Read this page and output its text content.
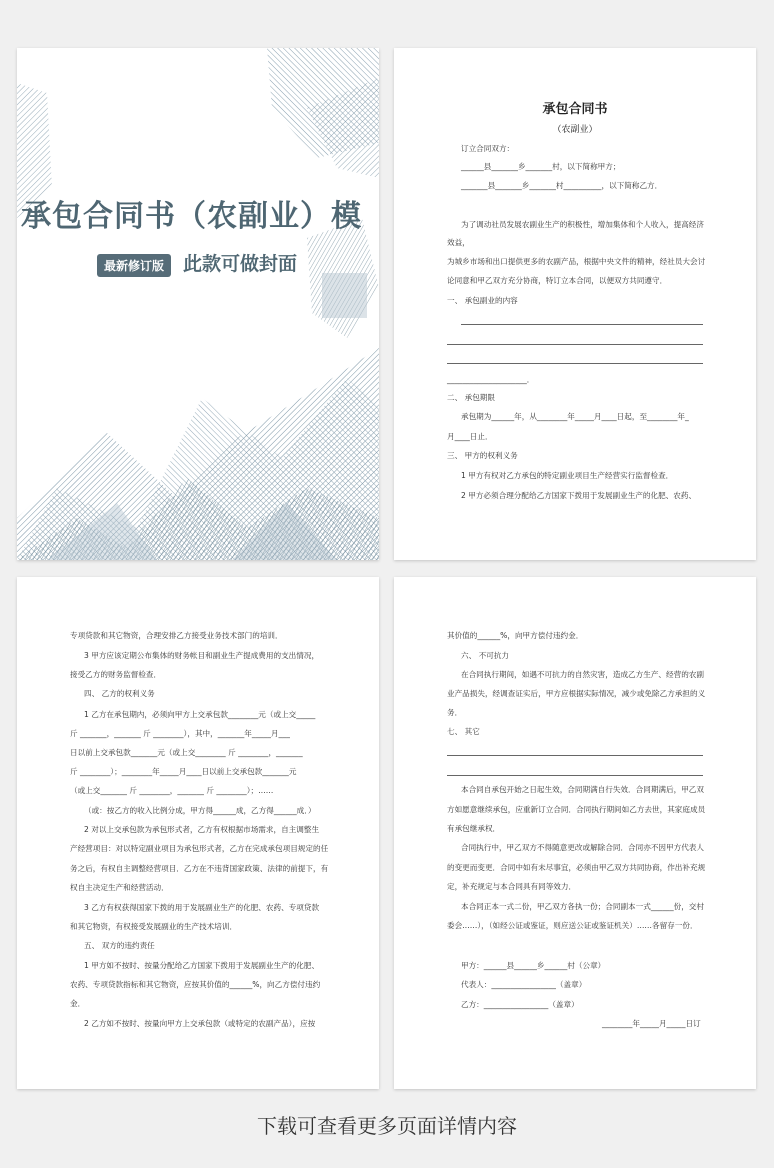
承包合同书（农副业）模
最新修订版 此款可做封面
承包合同书
（农副业）
订立合同双方：
______县_______乡_______村，以下简称甲方；
_______县_______乡_______村__________，以下简称乙方．
为了调动社员发展农副业生产的积极性，增加集体和个人收入，提高经济
效益，
为城乡市场和出口提供更多的农副产品，根据中央文件的精神，经社员大会讨
论同意和甲乙双方充分协商，特订立本合同，以便双方共同遵守．
一、 承包副业的内容
_____________________．
二、 承包期限
承包期为______年，从________年_____月____日起，至________年_
月____日止．
三、 甲方的权利义务
1 甲方有权对乙方承包的特定副业项目生产经营实行监督检查．
2 甲方必须合理分配给乙方国家下拨用于发展副业生产的化肥、农药、
专项贷款和其它物资，合理安排乙方接受业务技术部门的培训．
3 甲方应该定期公布集体的财务帐目和副业生产提成费用的支出情况，
接受乙方的财务监督检查．
四、 乙方的权利义务
1 乙方在承包期内，必须向甲方上交承包款________元（或上交_____
斤 _______，_______ 斤 ________），其中，_______年_____月___
日以前上交承包款_______元（或上交________ 斤 ________，_______
斤 ________）；________年_____月____日以前上交承包款_______元
（或上交_______ 斤 ________，_______ 斤 ________）；……
（或：按乙方的收入比例分成，甲方得______成，乙方得______成．）
2 对以上交承包款为承包形式者，乙方有权根据市场需求，自主调整生
产经营项目：对以特定副业项目为承包形式者，乙方在完成承包项目规定的任
务之后，有权自主调整经营项目．乙方在不违背国家政策、法律的前提下，有
权自主决定生产和经营活动．
3 乙方有权获得国家下拨的用于发展副业生产的化肥、农药、专项贷款
和其它物资，有权接受发展副业的生产技术培训．
五、 双方的违约责任
1 甲方如不按时、按量分配给乙方国家下拨用于发展副业生产的化肥、
农药、专项贷款指标和其它物资，应按其价值的______%，向乙方偿付违约
金．
2 乙方如不按时、按量向甲方上交承包款（或特定的农副产品），应按
其价值的______%，向甲方偿付违约金．
六、 不可抗力
在合同执行期间，如遇不可抗力的自然灾害，造成乙方生产、经营的农副
业产品损失，经调查证实后，甲方应根据实际情况，减少或免除乙方承担的义
务．
七、 其它
本合同自承包开始之日起生效，合同期满自行失效．合同期满后，甲乙双
方如愿意继续承包，应重新订立合同．合同执行期间如乙方去世，其家庭成员
有承包继承权．
合同执行中，甲乙双方不得随意更改或解除合同．合同亦不因甲方代表人
的变更而变更．合同中如有未尽事宜，必须由甲乙双方共同协商，作出补充规
定，补充规定与本合同具有同等效力．
本合同正本一式二份，甲乙双方各执一份；合同副本一式______份，交村
委会……），（如经公证或鉴证，则应送公证或鉴证机关）……各留存一份．
甲方：______县______乡______村（公章）
代表人：_________________（盖章）
乙方：_________________（盖章）
________年_____月_____日订
下载可查看更多页面详情内容
